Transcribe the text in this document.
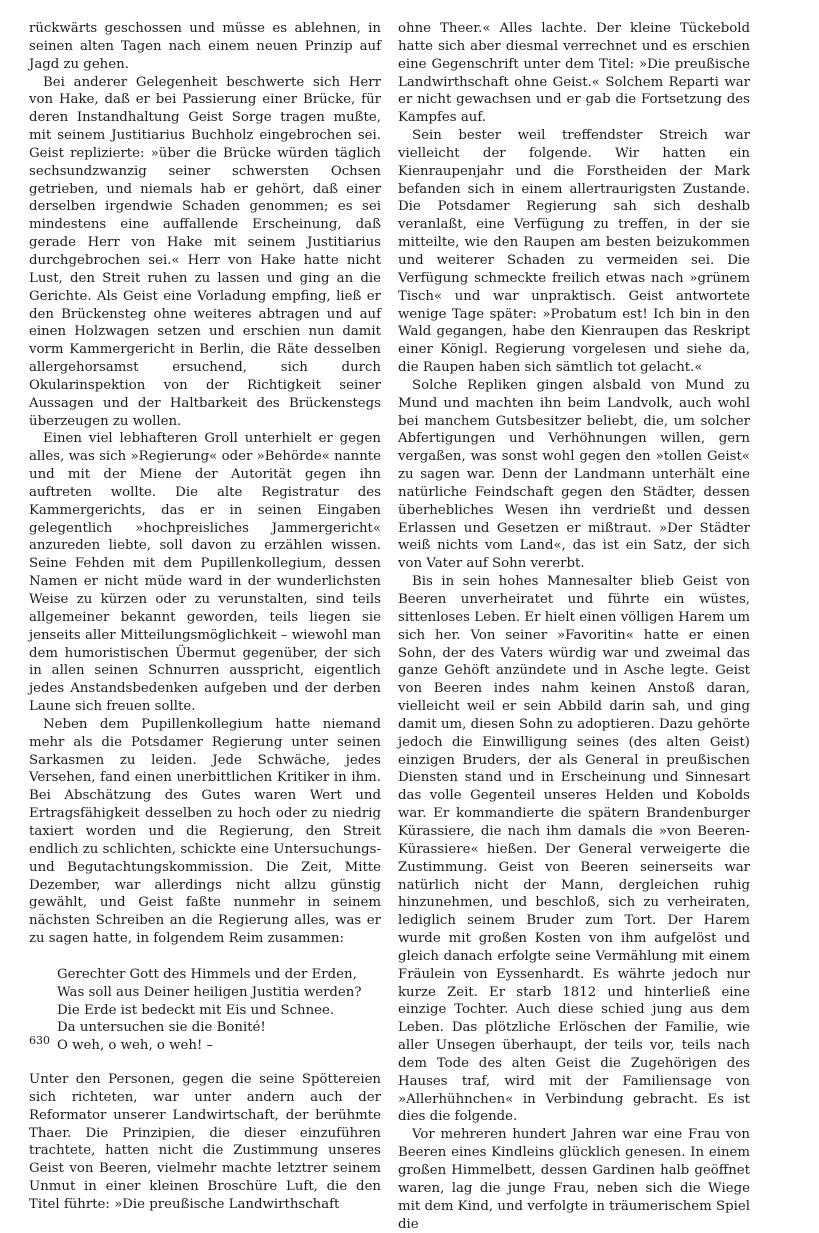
rückwärts geschossen und müsse es ablehnen, in seinen alten Tagen nach einem neuen Prinzip auf Jagd zu gehen.

Bei anderer Gelegenheit beschwerte sich Herr von Hake, daß er bei Passierung einer Brücke, für deren Instandhaltung Geist Sorge tragen mußte, mit seinem Justitiarius Buchholz eingebrochen sei. Geist replizierte: »über die Brücke würden täglich sechsundzwanzig seiner schwersten Ochsen getrieben, und niemals hab er gehört, daß einer derselben irgendwie Schaden genommen; es sei mindestens eine auffallende Erscheinung, daß gerade Herr von Hake mit seinem Justitiarius durchgebrochen sei.« Herr von Hake hatte nicht Lust, den Streit ruhen zu lassen und ging an die Gerichte. Als Geist eine Vorladung empfing, ließ er den Brückensteg ohne weiteres abtragen und auf einen Holzwagen setzen und erschien nun damit vorm Kammergericht in Berlin, die Räte desselben allergehorsamst ersuchend, sich durch Okularinspektion von der Richtigkeit seiner Aussagen und der Haltbarkeit des Brückenstegs überzeugen zu wollen.

Einen viel lebhafteren Groll unterhielt er gegen alles, was sich »Regierung« oder »Behörde« nannte und mit der Miene der Autorität gegen ihn auftreten wollte. Die alte Registratur des Kammergerichts, das er in seinen Eingaben gelegentlich »hochpreisliches Jammergericht« anzureden liebte, soll davon zu erzählen wissen. Seine Fehden mit dem Pupillenkollegium, dessen Namen er nicht müde ward in der wunderlichsten Weise zu kürzen oder zu verunstalten, sind teils allgemeiner bekannt geworden, teils liegen sie jenseits aller Mitteilungsmöglichkeit – wiewohl man dem humoristischen Übermut gegenüber, der sich in allen seinen Schnurren ausspricht, eigentlich jedes Anstandsbedenken aufgeben und der derben Laune sich freuen sollte.

Neben dem Pupillenkollegium hatte niemand mehr als die Potsdamer Regierung unter seinen Sarkasmen zu leiden. Jede Schwäche, jedes Versehen, fand einen unerbittlichen Kritiker in ihm. Bei Abschätzung des Gutes waren Wert und Ertragsfähigkeit desselben zu hoch oder zu niedrig taxiert worden und die Regierung, den Streit endlich zu schlichten, schickte eine Untersuchungs- und Begutachtungskommission. Die Zeit, Mitte Dezember, war allerdings nicht allzu günstig gewählt, und Geist faßte nunmehr in seinem nächsten Schreiben an die Regierung alles, was er zu sagen hatte, in folgendem Reim zusammen:

Gerechter Gott des Himmels und der Erden,
Was soll aus Deiner heiligen Justitia werden?
Die Erde ist bedeckt mit Eis und Schnee.
Da untersuchen sie die Bonité!
O weh, o weh, o weh! –

Unter den Personen, gegen die seine Spöttereien sich richteten, war unter andern auch der Reformator unserer Landwirtschaft, der berühmte Thaer. Die Prinzipien, die dieser einzuführen trachtete, hatten nicht die Zustimmung unseres Geist von Beeren, vielmehr machte letztrer seinem Unmut in einer kleinen Broschüre Luft, die den Titel führte: »Die preußische Landwirthschaft

ohne Theer.« Alles lachte. Der kleine Tückebold hatte sich aber diesmal verrechnet und es erschien eine Gegenschrift unter dem Titel: »Die preußische Landwirthschaft ohne Geist.« Solchem Reparti war er nicht gewachsen und er gab die Fortsetzung des Kampfes auf.

Sein bester weil treffendster Streich war vielleicht der folgende. Wir hatten ein Kienraupenjahr und die Forstheiden der Mark befanden sich in einem allertraurigsten Zustande. Die Potsdamer Regierung sah sich deshalb veranlaßt, eine Verfügung zu treffen, in der sie mitteilte, wie den Raupen am besten beizukommen und weiterer Schaden zu vermeiden sei. Die Verfügung schmeckte freilich etwas nach »grünem Tisch« und war unpraktisch. Geist antwortete wenige Tage später: »Probatum est! Ich bin in den Wald gegangen, habe den Kienraupen das Reskript einer Königl. Regierung vorgelesen und siehe da, die Raupen haben sich sämtlich tot gelacht.«

Solche Repliken gingen alsbald von Mund zu Mund und machten ihn beim Landvolk, auch wohl bei manchem Gutsbesitzer beliebt, die, um solcher Abfertigungen und Verhöhnungen willen, gern vergaßen, was sonst wohl gegen den »tollen Geist« zu sagen war. Denn der Landmann unterhält eine natürliche Feindschaft gegen den Städter, dessen überhebliches Wesen ihn verdrießt und dessen Erlassen und Gesetzen er mißtraut. »Der Städter weiß nichts vom Land«, das ist ein Satz, der sich von Vater auf Sohn vererbt.

Bis in sein hohes Mannesalter blieb Geist von Beeren unverheiratet und führte ein wüstes, sittenloses Leben. Er hielt einen völligen Harem um sich her. Von seiner »Favoritin« hatte er einen Sohn, der des Vaters würdig war und zweimal das ganze Gehöft anzündete und in Asche legte. Geist von Beeren indes nahm keinen Anstoß daran, vielleicht weil er sein Abbild darin sah, und ging damit um, diesen Sohn zu adoptieren. Dazu gehörte jedoch die Einwilligung seines (des alten Geist) einzigen Bruders, der als General in preußischen Diensten stand und in Erscheinung und Sinnesart das volle Gegenteil unseres Helden und Kobolds war. Er kommandierte die spätern Brandenburger Kürassiere, die nach ihm damals die »von Beeren-Kürassiere« hießen. Der General verweigerte die Zustimmung. Geist von Beeren seinerseits war natürlich nicht der Mann, dergleichen ruhig hinzunehmen, und beschloß, sich zu verheiraten, lediglich seinem Bruder zum Tort. Der Harem wurde mit großen Kosten von ihm aufgelöst und gleich danach erfolgte seine Vermählung mit einem Fräulein von Eyssenhardt. Es währte jedoch nur kurze Zeit. Er starb 1812 und hinterließ eine einzige Tochter. Auch diese schied jung aus dem Leben. Das plötzliche Erlöschen der Familie, wie aller Unsegen überhaupt, der teils vor, teils nach dem Tode des alten Geist die Zugehörigen des Hauses traf, wird mit der Familiensage von »Allerhühnchen« in Verbindung gebracht. Es ist dies die folgende.

Vor mehreren hundert Jahren war eine Frau von Beeren eines Kindleins glücklich genesen. In einem großen Himmelbett, dessen Gardinen halb geöffnet waren, lag die junge Frau, neben sich die Wiege mit dem Kind, und verfolgte in träumerischem Spiel die

630
